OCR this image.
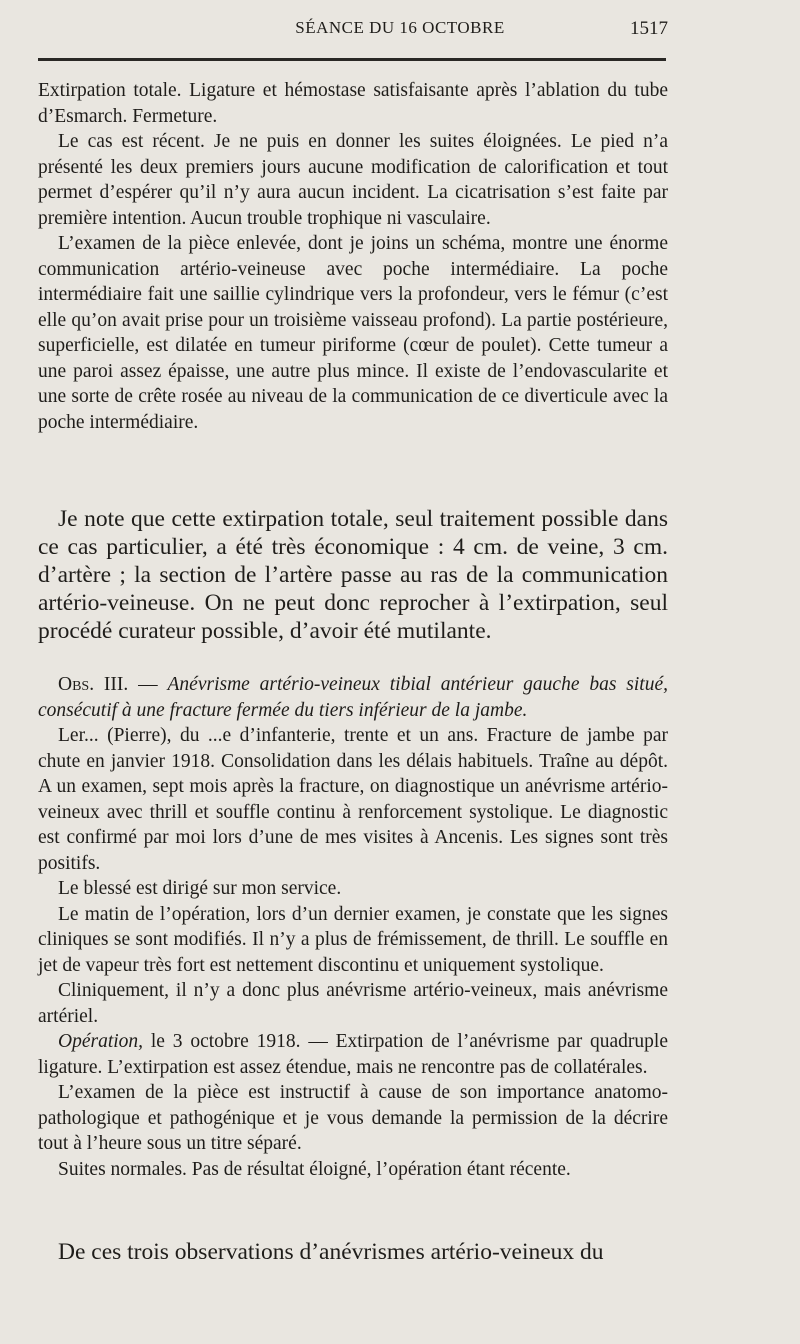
SÉANCE DU 16 OCTOBRE	1517

Extirpation totale. Ligature et hémostase satisfaisante après l’ablation du tube d’Esmarch. Fermeture.

Le cas est récent. Je ne puis en donner les suites éloignées. Le pied n’a présenté les deux premiers jours aucune modification de calorification et tout permet d’espérer qu’il n’y aura aucun incident. La cicatrisation s’est faite par première intention. Aucun trouble trophique ni vasculaire.

L’examen de la pièce enlevée, dont je joins un schéma, montre une énorme communication artério-veineuse avec poche intermédiaire. La poche intermédiaire fait une saillie cylindrique vers la profondeur, vers le fémur (c’est elle qu’on avait prise pour un troisième vaisseau profond). La partie postérieure, superficielle, est dilatée en tumeur piriforme (cœur de poulet). Cette tumeur a une paroi assez épaisse, une autre plus mince. Il existe de l’endovascularite et une sorte de crête rosée au niveau de la communication de ce diverticule avec la poche intermédiaire.

Je note que cette extirpation totale, seul traitement possible dans ce cas particulier, a été très économique : 4 cm. de veine, 3 cm. d’artère ; la section de l’artère passe au ras de la communication artério-veineuse. On ne peut donc reprocher à l’extirpation, seul procédé curateur possible, d’avoir été mutilante.

Obs. III. — Anévrisme artério-veineux tibial antérieur gauche bas situé, consécutif à une fracture fermée du tiers inférieur de la jambe.

Ler... (Pierre), du ...e d’infanterie, trente et un ans. Fracture de jambe par chute en janvier 1918. Consolidation dans les délais habituels. Traîne au dépôt. A un examen, sept mois après la fracture, on diagnostique un anévrisme artério-veineux avec thrill et souffle continu à renforcement systolique. Le diagnostic est confirmé par moi lors d’une de mes visites à Ancenis. Les signes sont très positifs.

Le blessé est dirigé sur mon service.

Le matin de l’opération, lors d’un dernier examen, je constate que les signes cliniques se sont modifiés. Il n’y a plus de frémissement, de thrill. Le souffle en jet de vapeur très fort est nettement discontinu et uniquement systolique.

Cliniquement, il n’y a donc plus anévrisme artério-veineux, mais anévrisme artériel.

Opération, le 3 octobre 1918. — Extirpation de l’anévrisme par quadruple ligature. L’extirpation est assez étendue, mais ne rencontre pas de collatérales.

L’examen de la pièce est instructif à cause de son importance anatomo-pathologique et pathogénique et je vous demande la permission de la décrire tout à l’heure sous un titre séparé.

Suites normales. Pas de résultat éloigné, l’opération étant récente.

De ces trois observations d’anévrismes artério-veineux du
